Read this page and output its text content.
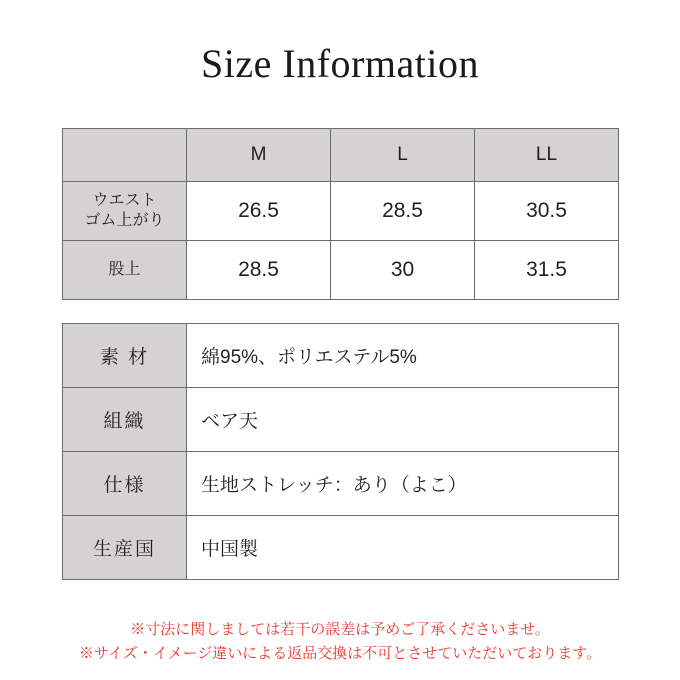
Size Information
	M	L	LL

ウエスト
ゴム上がり	26.5	28.5	30.5
股上	28.5	30	31.5
素 材	綿95%、ポリエステル5%
組織	ベア天
仕様	生地ストレッチ：あり（よこ）
生産国	中国製
※寸法に関しましては若干の誤差は予めご了承くださいませ。
※サイズ・イメージ違いによる返品交換は不可とさせていただいております。
